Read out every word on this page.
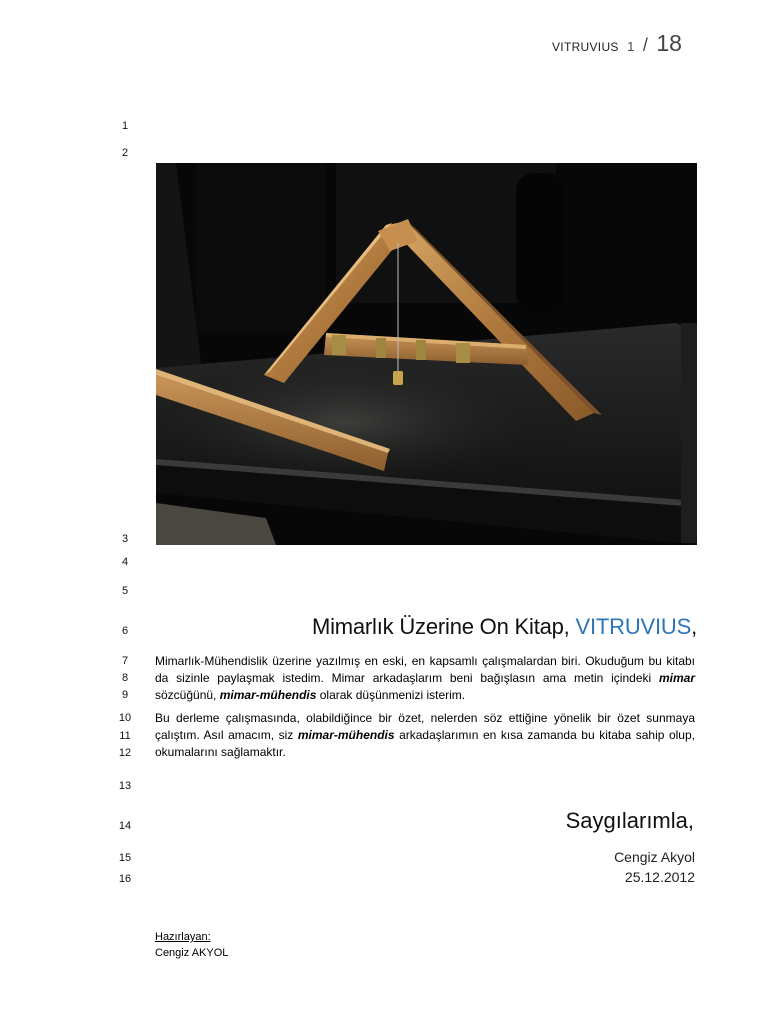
VITRUVIUS 1 / 18
1
2
3
4
5
6
7
8
9
10
11
12
13
14
15
16
Mimarlık Üzerine On Kitap, VITRUVIUS,
Mimarlık-Mühendislik üzerine yazılmış en eski, en kapsamlı çalışmalardan biri. Okuduğum bu kitabı da sizinle paylaşmak istedim. Mimar arkadaşlarım beni bağışlasın ama metin içindeki mimar sözcüğünü, mimar-mühendis olarak düşünmenizi isterim.
Bu derleme çalışmasında, olabildiğince bir özet, nelerden söz ettiğine yönelik bir özet sunmaya çalıştım. Asıl amacım, siz mimar-mühendis arkadaşlarımın en kısa zamanda bu kitaba sahip olup, okumalarını sağlamaktır.
Saygılarımla,
Cengiz Akyol
25.12.2012
Hazırlayan:
Cengiz AKYOL
